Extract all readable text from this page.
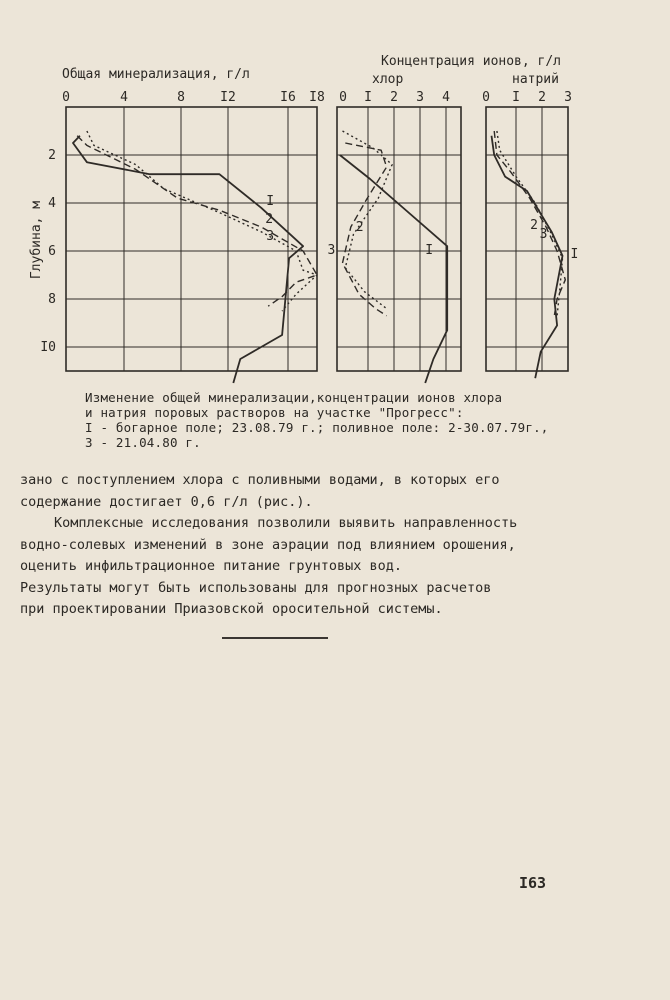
Концентрация ионов, г/л
Общая минерализация, г/л	хлор	натрий
Глубина, м
0	4	8	I2	I6 I8
2
4
6
8
I0
I
2
3
0 I 2 3 4
2
I
3
0 I 2 3
I
3
2
Изменение общей минерализации,концентрации ионов хлора
и натрия поровых растворов на участке "Прогресс":
I - богарное поле; 23.08.79 г.; поливное поле: 2-30.07.79г.,
3 - 21.04.80 г.
зано с поступлением хлора с поливными водами, в которых его
содержание достигает 0,6 г/л (рис.).
Комплексные исследования позволили выявить направленность
водно-солевых изменений в зоне аэрации под влиянием орошения,
оценить инфильтрационное питание грунтовых вод.
Результаты могут быть использованы для прогнозных расчетов
при проектировании Приазовской оросительной системы.
I63
